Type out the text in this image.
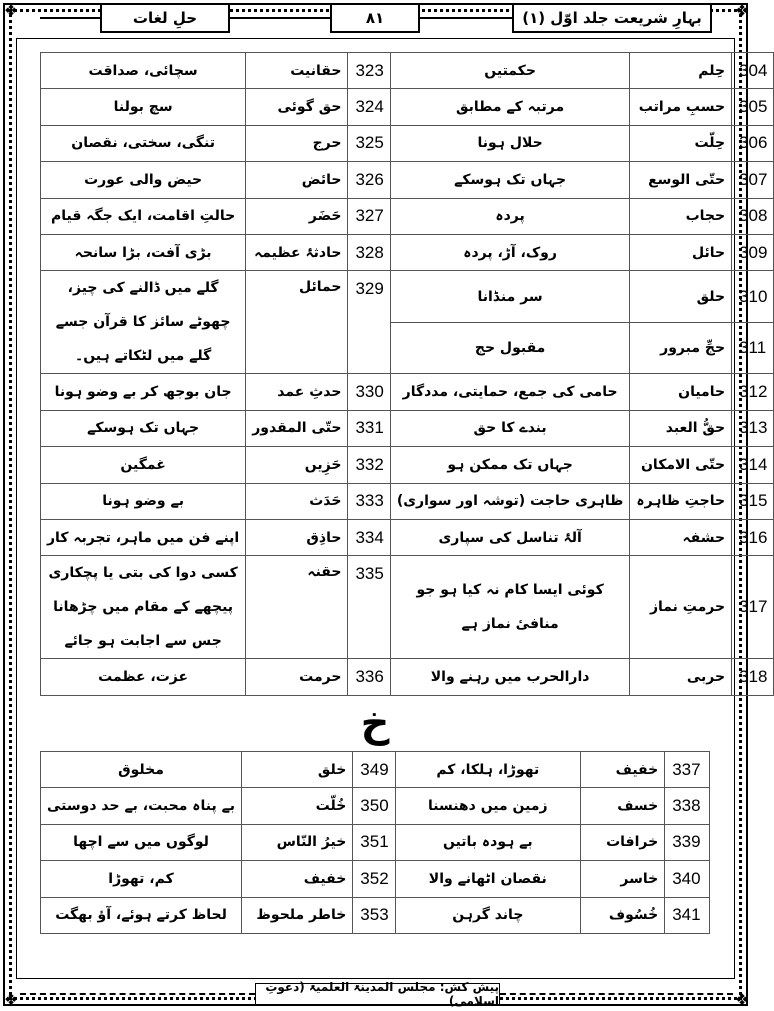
❖	❖
❖	❖
حلِ لغات	۸۱	بہارِ شریعت جلد اوّل (۱)
سچائی، صداقت	حقانیت	323	حکمتیں	حِلم	304
سچ بولنا	حق گوئی	324	مرتبہ کے مطابق	حسبِ مراتب	305
تنگی، سختی، نقصان	حرج	325	حلال ہونا	حِلّت	306
حیض والی عورت	حائض	326	جہاں تک ہوسکے	حتّی الوسع	307
حالتِ اقامت، ایک جگہ قیام	حَضَر	327	پردہ	حجاب	308
بڑی آفت، بڑا سانحہ	حادثۂ عظیمہ	328	روک، آڑ، پردہ	حائل	309
گلے میں ڈالنے کی چیز، چھوٹے سائز کا قرآن جسے گلے میں لٹکاتے ہیں۔	حمائل	329	سر منڈانا	حلق	310
			مقبول حج	حجِّ مبرور	311
جان بوجھ کر بے وضو ہونا	حدثِ عمد	330	حامی کی جمع، حمایتی، مددگار	حامیان	312
جہاں تک ہوسکے	حتّی المقدور	331	بندے کا حق	حقُّ العبد	313
غمگین	حَزِیں	332	جہاں تک ممکن ہو	حتّی الامکان	314
بے وضو ہونا	حَدَث	333	ظاہری حاجت (توشہ اور سواری)	حاجتِ ظاہرہ	315
اپنے فن میں ماہر، تجربہ کار	حاذِق	334	آلۂ تناسل کی سپاری	حشفہ	316
کسی دوا کی بتی یا پچکاری پیچھے کے مقام میں چڑھانا جس سے اجابت ہو جائے	حقنہ	335	کوئی ایسا کام نہ کیا ہو جو منافیٔ نماز ہے	حرمتِ نماز	317
عزت، عظمت	حرمت	336	دارالحرب میں رہنے والا	حربی	318
خ
مخلوق	خلق	349	تھوڑا، ہلکا، کم	خفیف	337
بے پناہ محبت، بے حد دوستی	خُلّت	350	زمین میں دھنسنا	خسف	338
لوگوں میں سے اچھا	خیرُ النّاس	351	بے ہودہ باتیں	خرافات	339
کم، تھوڑا	خفیف	352	نقصان اٹھانے والا	خاسر	340
لحاظ کرتے ہوئے، آؤ بھگت	خاطر ملحوظ	353	چاند گرہن	خُسُوف	341
پیش کش: مجلس المدینۃ العلمیۃ (دعوتِ اسلامی)
